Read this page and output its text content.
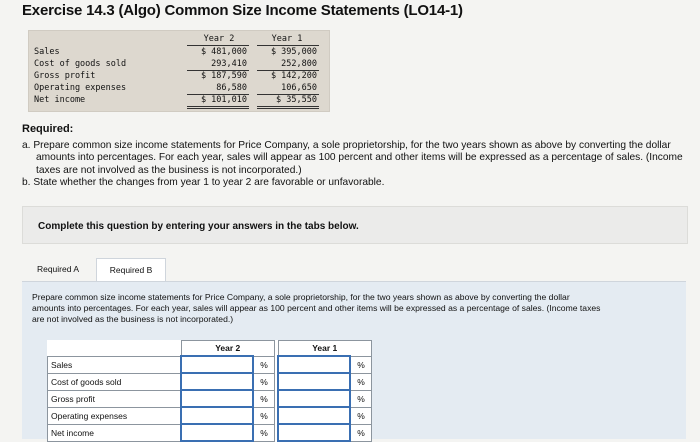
Exercise 14.3 (Algo) Common Size Income Statements (LO14-1)
Year 2	Year 1
Sales	$ 481,000	$ 395,000
Cost of goods sold	293,410	252,800
Gross profit	$ 187,590	$ 142,200
Operating expenses	86,580	106,650
Net income	$ 101,010	$ 35,550
Required:

a. Prepare common size income statements for Price Company, a sole proprietorship, for the two years shown as above by converting the dollar amounts into percentages. For each year, sales will appear as 100 percent and other items will be expressed as a percentage of sales. (Income taxes are not involved as the business is not incorporated.)

b. State whether the changes from year 1 to year 2 are favorable or unfavorable.

Complete this question by entering your answers in the tabs below.
Required A	Required B
Prepare common size income statements for Price Company, a sole proprietorship, for the two years shown as above by converting the dollar amounts into percentages. For each year, sales will appear as 100 percent and other items will be expressed as a percentage of sales. (Income taxes are not involved as the business is not incorporated.)
	Year 2			Year 1	
Sales		%			%
Cost of goods sold		%			%
Gross profit		%			%
Operating expenses		%			%
Net income		%			%
